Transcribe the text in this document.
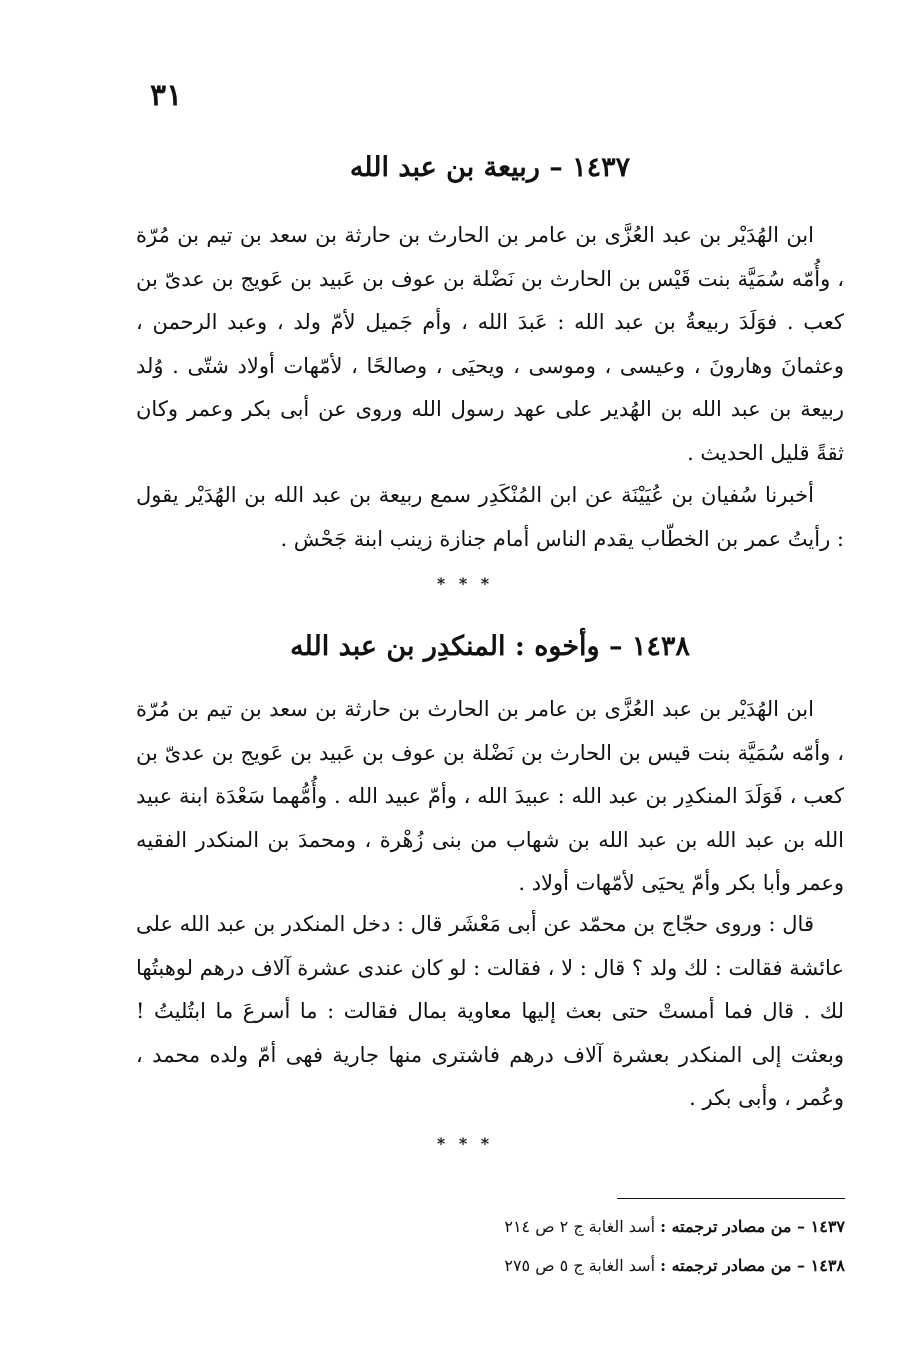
٣١
١٤٣٧ – ربيعة بن عبد الله

ابن الهُدَيْر بن عبد العُزَّى بن عامر بن الحارث بن حارثة بن سعد بن تيم بن مُرّة ، وأُمّه سُمَيَّة بنت قَيْس بن الحارث بن نَضْلة بن عوف بن عَبيد بن عَويج بن عدىّ بن كعب . فوَلَدَ ربيعةُ بن عبد الله : عَبدَ الله ، وأم جَميل لأمّ ولد ، وعبد الرحمن ، وعثمانَ وهارونَ ، وعيسى ، وموسى ، ويحيَى ، وصالحًا ، لأمّهات أولاد شتّى . وُلد ربيعة بن عبد الله بن الهُدير على عهد رسول الله وروى عن أبى بكر وعمر وكان ثقةً قليل الحديث .

أخبرنا سُفيان بن عُيَيْنَة عن ابن المُنْكَدِر سمع ربيعة بن عبد الله بن الهُدَيْر يقول : رأيتُ عمر بن الخطّاب يقدم الناس أمام جنازة زينب ابنة جَحْش .

* * *
١٤٣٨ – وأخوه : المنكدِر بن عبد الله

ابن الهُدَيْر بن عبد العُزَّى بن عامر بن الحارث بن حارثة بن سعد بن تيم بن مُرّة ، وأمّه سُمَيَّة بنت قيس بن الحارث بن نَضْلة بن عوف بن عَبيد بن عَويج بن عدىّ بن كعب ، فَوَلَدَ المنكدِر بن عبد الله : عبيدَ الله ، وأمّ عبيد الله . وأُمُّهما سَعْدَة ابنة عبيد الله بن عبد الله بن عبد الله بن شهاب من بنى زُهْرة ، ومحمدَ بن المنكدر الفقيه وعمر وأبا بكر وأمّ يحيَى لأمّهات أولاد .

قال : وروى حجّاج بن محمّد عن أبى مَعْشَر قال : دخل المنكدر بن عبد الله على عائشة فقالت : لك ولد ؟ قال : لا ، فقالت : لو كان عندى عشرة آلاف درهم لوهبتُها لك . قال فما أمستْ حتى بعث إليها معاوية بمال فقالت : ما أسرعَ ما ابتُليتُ ! وبعثت إلى المنكدر بعشرة آلاف درهم فاشترى منها جارية فهى أمّ ولده محمد ، وعُمر ، وأبى بكر .

* * *
١٤٣٧ – من مصادر ترجمته : أسد الغابة ج ٢ ص ٢١٤
١٤٣٨ – من مصادر ترجمته : أسد الغابة ج ٥ ص ٢٧٥
